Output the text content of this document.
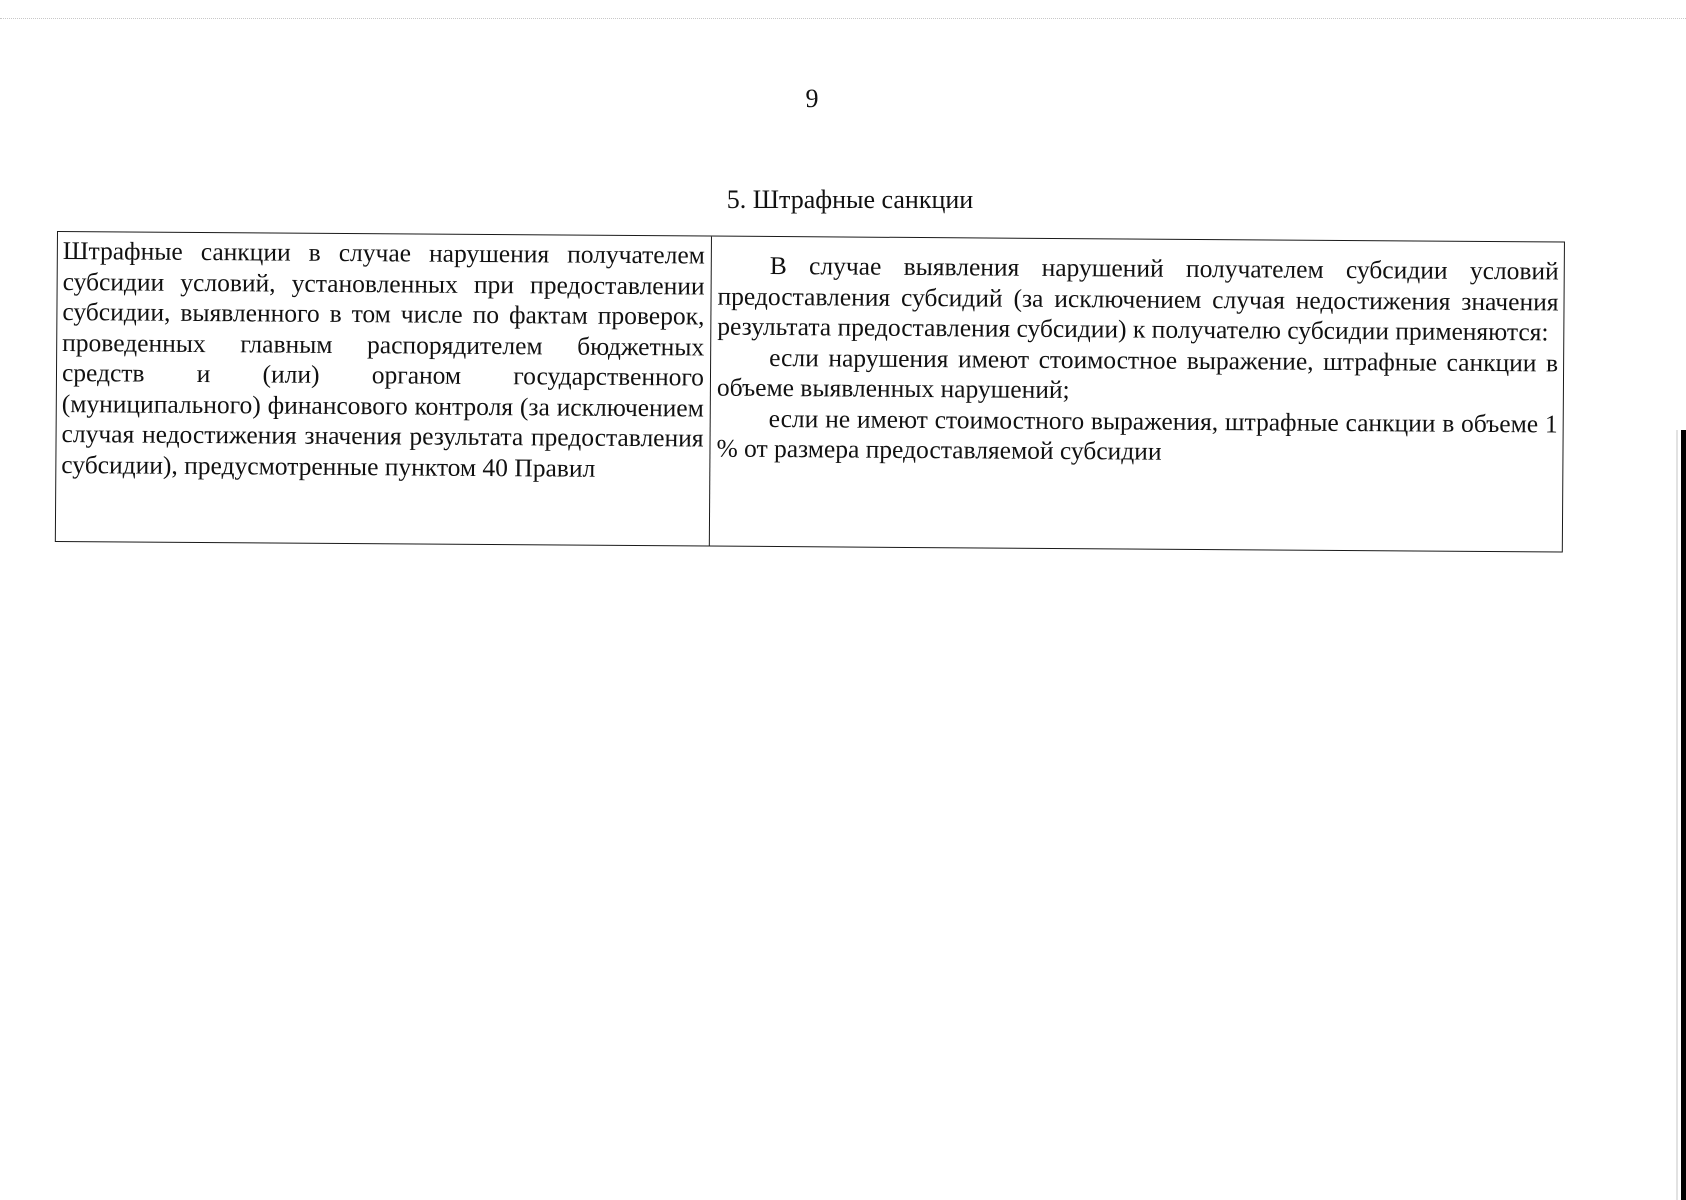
9
5. Штрафные санкции

Штрафные санкции в случае нарушения получателем субсидии условий, установленных при предоставлении субсидии, выявленного в том числе по фактам проверок, проведенных главным распорядителем бюджетных средств и (или) органом государственного (муниципального) финансового контроля (за исключением случая недостижения значения результата предоставления субсидии), предусмотренные пунктом 40 Правил

В случае выявления нарушений получателем субсидии условий предоставления субсидий (за исключением случая недостижения значения результата предоставления субсидии) к получателю субсидии применяются:

если нарушения имеют стоимостное выражение, штрафные санкции в объеме выявленных нарушений;

если не имеют стоимостного выражения, штрафные санкции в объеме 1 % от размера предоставляемой субсидии
